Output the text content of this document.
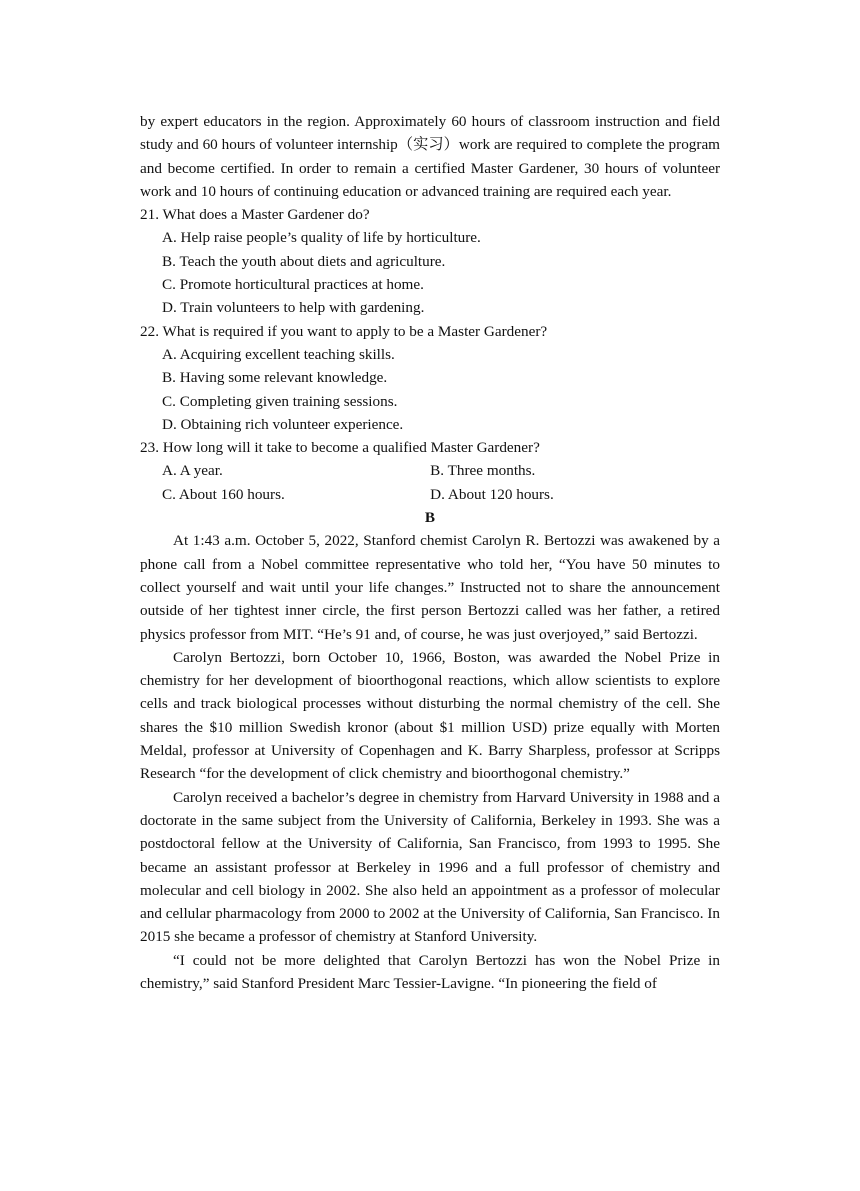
by expert educators in the region. Approximately 60 hours of classroom instruction and field study and 60 hours of volunteer internship（实习）work are required to complete the program and become certified. In order to remain a certified Master Gardener, 30 hours of volunteer work and 10 hours of continuing education or advanced training are required each year.

21. What does a Master Gardener do?
A. Help raise people’s quality of life by horticulture.
B. Teach the youth about diets and agriculture.
C. Promote horticultural practices at home.
D. Train volunteers to help with gardening.
22. What is required if you want to apply to be a Master Gardener?
A. Acquiring excellent teaching skills.
B. Having some relevant knowledge.
C. Completing given training sessions.
D. Obtaining rich volunteer experience.
23. How long will it take to become a qualified Master Gardener?
A. A year.	B. Three months.
C. About 160 hours.	D. About 120 hours.
B

At 1:43 a.m. October 5, 2022, Stanford chemist Carolyn R. Bertozzi was awakened by a phone call from a Nobel committee representative who told her, “You have 50 minutes to collect yourself and wait until your life changes.” Instructed not to share the announcement outside of her tightest inner circle, the first person Bertozzi called was her father, a retired physics professor from MIT. “He’s 91 and, of course, he was just overjoyed,” said Bertozzi.

Carolyn Bertozzi, born October 10, 1966, Boston, was awarded the Nobel Prize in chemistry for her development of bioorthogonal reactions, which allow scientists to explore cells and track biological processes without disturbing the normal chemistry of the cell. She shares the $10 million Swedish kronor (about $1 million USD) prize equally with Morten Meldal, professor at University of Copenhagen and K. Barry Sharpless, professor at Scripps Research “for the development of click chemistry and bioorthogonal chemistry.”

Carolyn received a bachelor’s degree in chemistry from Harvard University in 1988 and a doctorate in the same subject from the University of California, Berkeley in 1993. She was a postdoctoral fellow at the University of California, San Francisco, from 1993 to 1995. She became an assistant professor at Berkeley in 1996 and a full professor of chemistry and molecular and cell biology in 2002. She also held an appointment as a professor of molecular and cellular pharmacology from 2000 to 2002 at the University of California, San Francisco. In 2015 she became a professor of chemistry at Stanford University.

“I could not be more delighted that Carolyn Bertozzi has won the Nobel Prize in chemistry,” said Stanford President Marc Tessier-Lavigne. “In pioneering the field of
